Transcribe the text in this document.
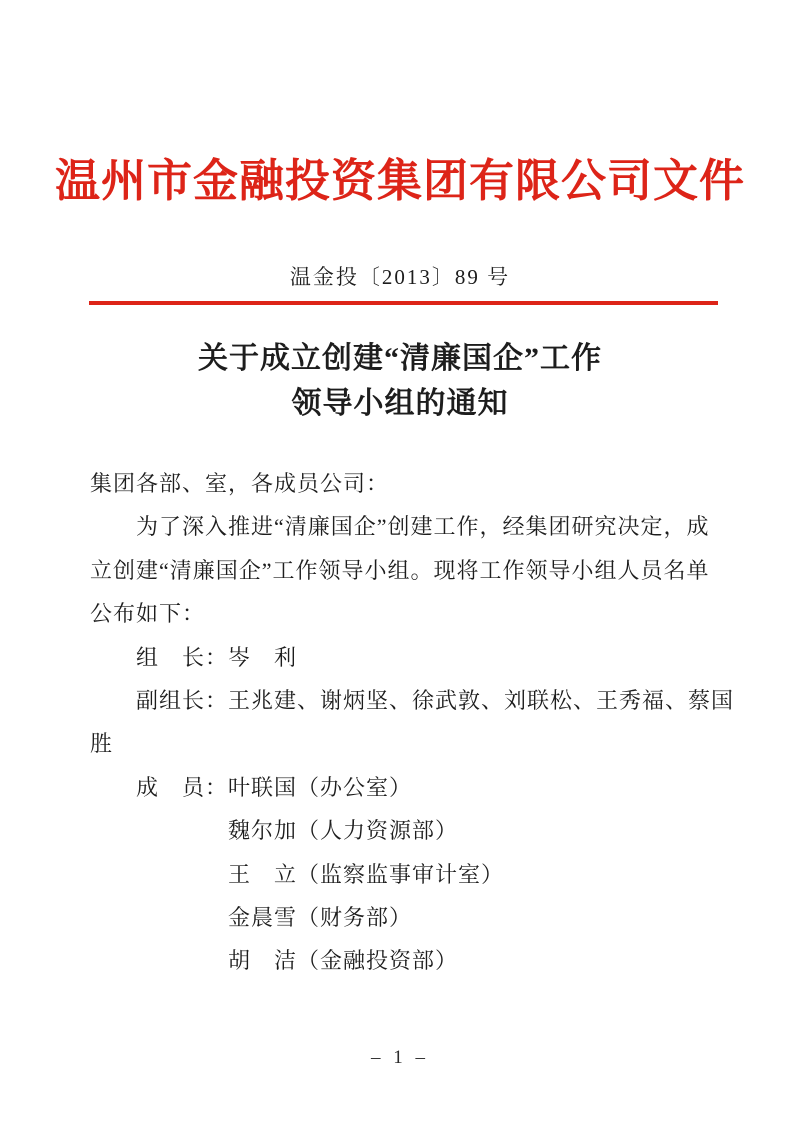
温州市金融投资集团有限公司文件
温金投〔2013〕89 号
关于成立创建“清廉国企”工作
领导小组的通知
集团各部、室，各成员公司：
为了深入推进“清廉国企”创建工作，经集团研究决定，成
立创建“清廉国企”工作领导小组。现将工作领导小组人员名单
公布如下：
组　长：岑　利
副组长：王兆建、谢炳坚、徐武敦、刘联松、王秀福、蔡国
胜
成　员：叶联国（办公室）
魏尔加（人力资源部）
王　立（监察监事审计室）
金晨雪（财务部）
胡　洁（金融投资部）
– 1 –
